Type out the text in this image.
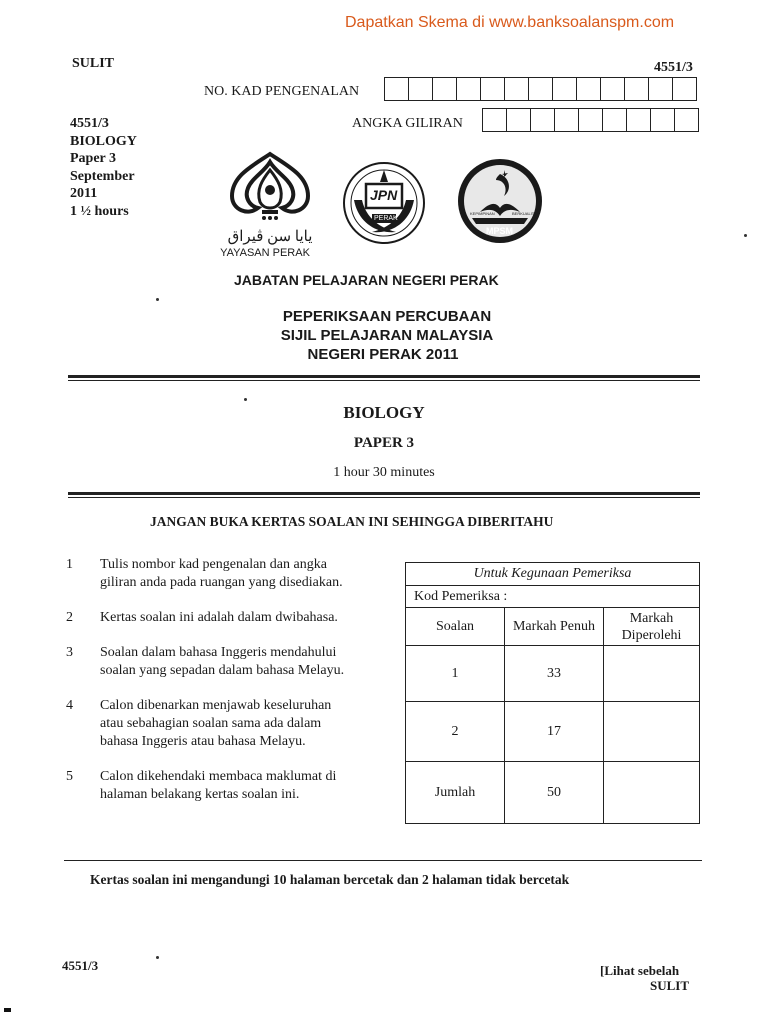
Dapatkan Skema di www.banksoalanspm.com
SULIT	4551/3
NO. KAD PENGENALAN
ANGKA GILIRAN
4551/3
BIOLOGY
Paper 3
September
2011
1 ½ hours
يايا سن ڤيراق
YAYASAN PERAK
JPN
PERAK
MPSM
KEPIMPINAN	BERKUALITI
JABATAN PELAJARAN NEGERI PERAK
PEPERIKSAAN PERCUBAAN
SIJIL PELAJARAN MALAYSIA
NEGERI PERAK 2011
BIOLOGY
PAPER 3
1 hour 30 minutes
JANGAN BUKA KERTAS SOALAN INI SEHINGGA DIBERITAHU
1	Tulis nombor kad pengenalan dan angka
giliran anda pada ruangan yang disediakan.
2	Kertas soalan ini adalah dalam dwibahasa.
3	Soalan dalam bahasa Inggeris mendahului
soalan yang sepadan dalam bahasa Melayu.
4	Calon dibenarkan menjawab keseluruhan
atau sebahagian soalan sama ada dalam
bahasa Inggeris atau bahasa Melayu.
5	Calon dikehendaki membaca maklumat di
halaman belakang kertas soalan ini.
Untuk Kegunaan Pemeriksa		
Kod Pemeriksa :		
Soalan	Markah Penuh	Markah Diperolehi
1	33	
2	17	
Jumlah	50	
Kertas soalan ini mengandungi 10 halaman bercetak dan 2 halaman tidak bercetak
4551/3	[Lihat sebelah
SULIT
